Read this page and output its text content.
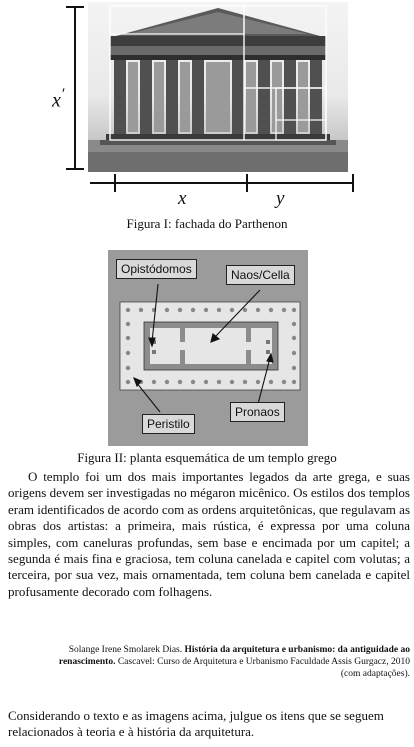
x′
x	y
Figura I: fachada do Parthenon
Opistódomos	Naos/Cella
Peristilo
Pronaos
Figura II: planta esquemática de um templo grego

O templo foi um dos mais importantes legados da arte grega, e suas origens devem ser investigadas no mégaron micênico. Os estilos dos templos eram identificados de acordo com as ordens arquitetônicas, que regulavam as obras dos artistas: a primeira, mais rústica, é expressa por uma coluna simples, com caneluras profundas, sem base e encimada por um capitel; a segunda é mais fina e graciosa, tem coluna canelada e capitel com volutas; a terceira, por sua vez, mais ornamentada, tem coluna bem canelada e capitel profusamente decorado com folhagens.

Solange Irene Smolarek Dias. História da arquitetura e urbanismo: da antiguidade ao renascimento. Cascavel: Curso de Arquitetura e Urbanismo Faculdade Assis Gurgacz, 2010 (com adaptações).

Considerando o texto e as imagens acima, julgue os itens que se seguem relacionados à teoria e à história da arquitetura.
